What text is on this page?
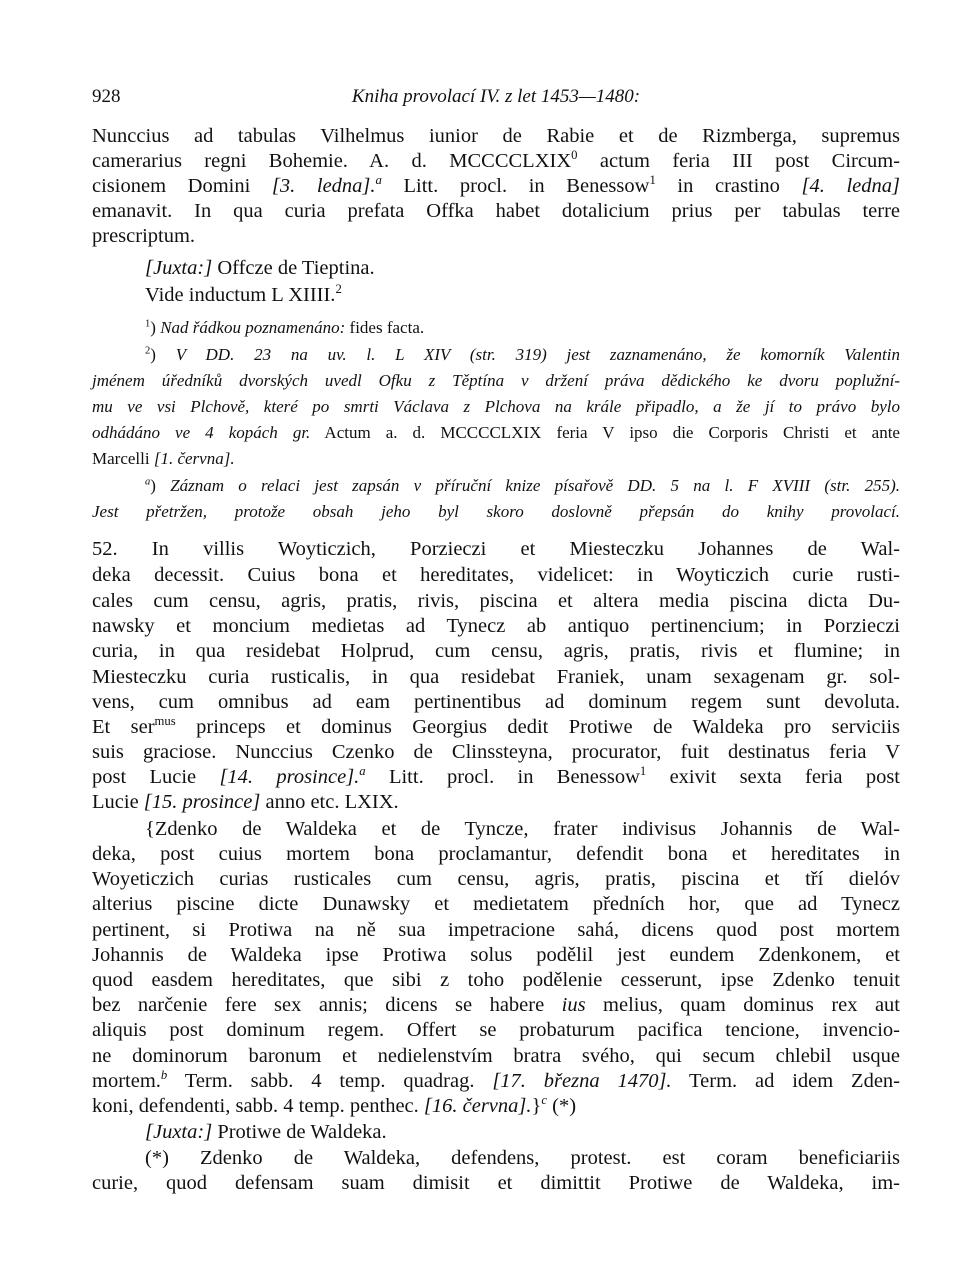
928	Kniha provolací IV. z let 1453—1480:
Nunccius ad tabulas Vilhelmus iunior de Rabie et de Rizmberga, supremus
camerarius regni Bohemie. A. d. MCCCCLXIX$^0$ actum feria III post Circum-
cisionem Domini [3. ledna].$^a$ Litt. procl. in Benessow$^1$ in crastino [4. ledna]
emanavit. In qua curia prefata Offka habet dotalicium prius per tabulas terre
prescriptum.
[Juxta:] Offcze de Tieptina.
Vide inductum L XIIII.$^2$
$^1$) Nad řádkou poznamenáno: fides facta.
$^2$) V DD. 23 na uv. l. L XIV (str. 319) jest zaznamenáno, že komorník Valentin
jménem úředníků dvorských uvedl Ofku z Těptína v držení práva dědického ke dvoru poplužní-
mu ve vsi Plchově, které po smrti Václava z Plchova na krále připadlo, a že jí to právo bylo
odhádáno ve 4 kopách gr. Actum a. d. MCCCCLXIX feria V ipso die Corporis Christi et ante
Marcelli [1. června].
$^a$) Záznam o relaci jest zapsán v příruční knize písařově DD. 5 na l. F XVIII (str. 255).
Jest přetržen, protože obsah jeho byl skoro doslovně přepsán do knihy provolací.
52. In villis Woyticzich, Porzieczi et Miesteczku Johannes de Wal-
deka decessit. Cuius bona et hereditates, videlicet: in Woyticzich curie rusti-
cales cum censu, agris, pratis, rivis, piscina et altera media piscina dicta Du-
nawsky et moncium medietas ad Tynecz ab antiquo pertinencium; in Porzieczi
curia, in qua residebat Holprud, cum censu, agris, pratis, rivis et flumine; in
Miesteczku curia rusticalis, in qua residebat Franiek, unam sexagenam gr. sol-
vens, cum omnibus ad eam pertinentibus ad dominum regem sunt devoluta.
Et ser$^{mus}$ princeps et dominus Georgius dedit Protiwe de Waldeka pro serviciis
suis graciose. Nunccius Czenko de Clinssteyna, procurator, fuit destinatus feria V
post Lucie [14. prosince].$^a$ Litt. procl. in Benessow$^1$ exivit sexta feria post
Lucie [15. prosince] anno etc. LXIX.
{Zdenko de Waldeka et de Tyncze, frater indivisus Johannis de Wal-
deka, post cuius mortem bona proclamantur, defendit bona et hereditates in
Woyeticzich curias rusticales cum censu, agris, pratis, piscina et tří dielóv
alterius piscine dicte Dunawsky et medietatem předních hor, que ad Tynecz
pertinent, si Protiwa na ně sua impetracione sahá, dicens quod post mortem
Johannis de Waldeka ipse Protiwa solus podělil jest eundem Zdenkonem, et
quod easdem hereditates, que sibi z toho podělenie cesserunt, ipse Zdenko tenuit
bez narčenie fere sex annis; dicens se habere ius melius, quam dominus rex aut
aliquis post dominum regem. Offert se probaturum pacifica tencione, invencio-
ne dominorum baronum et nedielenstvím bratra svého, qui secum chlebil usque
mortem.$^b$ Term. sabb. 4 temp. quadrag. [17. března 1470]. Term. ad idem Zden-
koni, defendenti, sabb. 4 temp. penthec. [16. června].}$^c$ (*)
[Juxta:] Protiwe de Waldeka.
(*) Zdenko de Waldeka, defendens, protest. est coram beneficiariis
curie, quod defensam suam dimisit et dimittit Protiwe de Waldeka, im-
